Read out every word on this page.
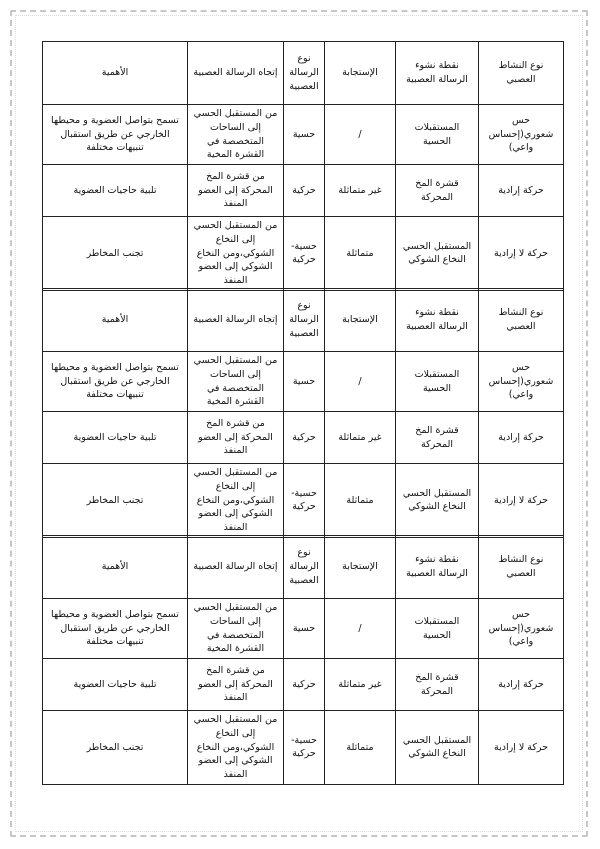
نوع النشاط العصبي	نقطة نشوء الرسالة العصبية	الإستجابة	نوع الرسالة العصبية	إتجاه الرسالة العصبية	الأهمية
حس شعوري(إحساس واعي)	المستقبلات الحسية	/	حسية	من المستقبل الحسي إلى الساحات المتخصصة في القشرة المخية	تسمح بتواصل العضوية و محيطها الخارجي عن طريق استقبال تنبيهات مختلفة
حركة إرادية	قشرة المخ المحركة	غير متماثلة	حركية	من قشرة المخ المحركة إلى العضو المنفذ	تلبية حاجيات العضوية
حركة لا إرادية	المستقبل الحسي النخاع الشوكي	متماثلة	حسية- حركية	من المستقبل الحسي إلى النخاع الشوكي،ومن النخاع الشوكي إلى العضو المنفذ	تجنب المخاطر
نوع النشاط العصبي	نقطة نشوء الرسالة العصبية	الإستجابة	نوع الرسالة العصبية	إتجاه الرسالة العصبية	الأهمية
حس شعوري(إحساس واعي)	المستقبلات الحسية	/	حسية	من المستقبل الحسي إلى الساحات المتخصصة في القشرة المخية	تسمح بتواصل العضوية و محيطها الخارجي عن طريق استقبال تنبيهات مختلفة
حركة إرادية	قشرة المخ المحركة	غير متماثلة	حركية	من قشرة المخ المحركة إلى العضو المنفذ	تلبية حاجيات العضوية
حركة لا إرادية	المستقبل الحسي النخاع الشوكي	متماثلة	حسية- حركية	من المستقبل الحسي إلى النخاع الشوكي،ومن النخاع الشوكي إلى العضو المنفذ	تجنب المخاطر
نوع النشاط العصبي	نقطة نشوء الرسالة العصبية	الإستجابة	نوع الرسالة العصبية	إتجاه الرسالة العصبية	الأهمية
حس شعوري(إحساس واعي)	المستقبلات الحسية	/	حسية	من المستقبل الحسي إلى الساحات المتخصصة في القشرة المخية	تسمح بتواصل العضوية و محيطها الخارجي عن طريق استقبال تنبيهات مختلفة
حركة إرادية	قشرة المخ المحركة	غير متماثلة	حركية	من قشرة المخ المحركة إلى العضو المنفذ	تلبية حاجيات العضوية
حركة لا إرادية	المستقبل الحسي النخاع الشوكي	متماثلة	حسية- حركية	من المستقبل الحسي إلى النخاع الشوكي،ومن النخاع الشوكي إلى العضو المنفذ	تجنب المخاطر
